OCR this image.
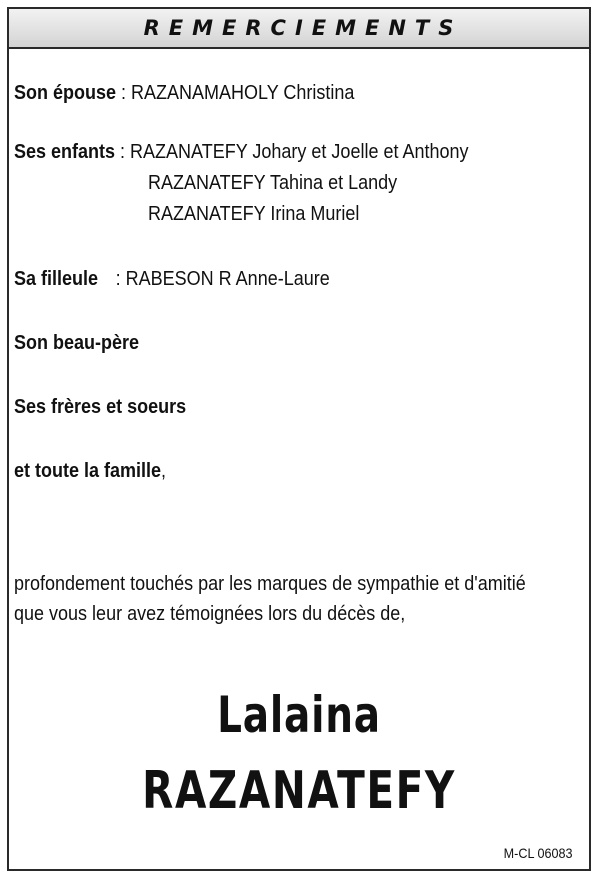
REMERCIEMENTS
Son épouse : RAZANAMAHOLY Christina
Ses enfants : RAZANATEFY Johary et Joelle et Anthony
RAZANATEFY Tahina et Landy
RAZANATEFY Irina Muriel
Sa filleule : RABESON R Anne-Laure
Son beau-père
Ses frères et soeurs
et toute la famille,
profondement touchés par les marques de sympathie et d'amitié
que vous leur avez témoignées lors du décès de,
Lalaina
RAZANATEFY
M-CL 06083
